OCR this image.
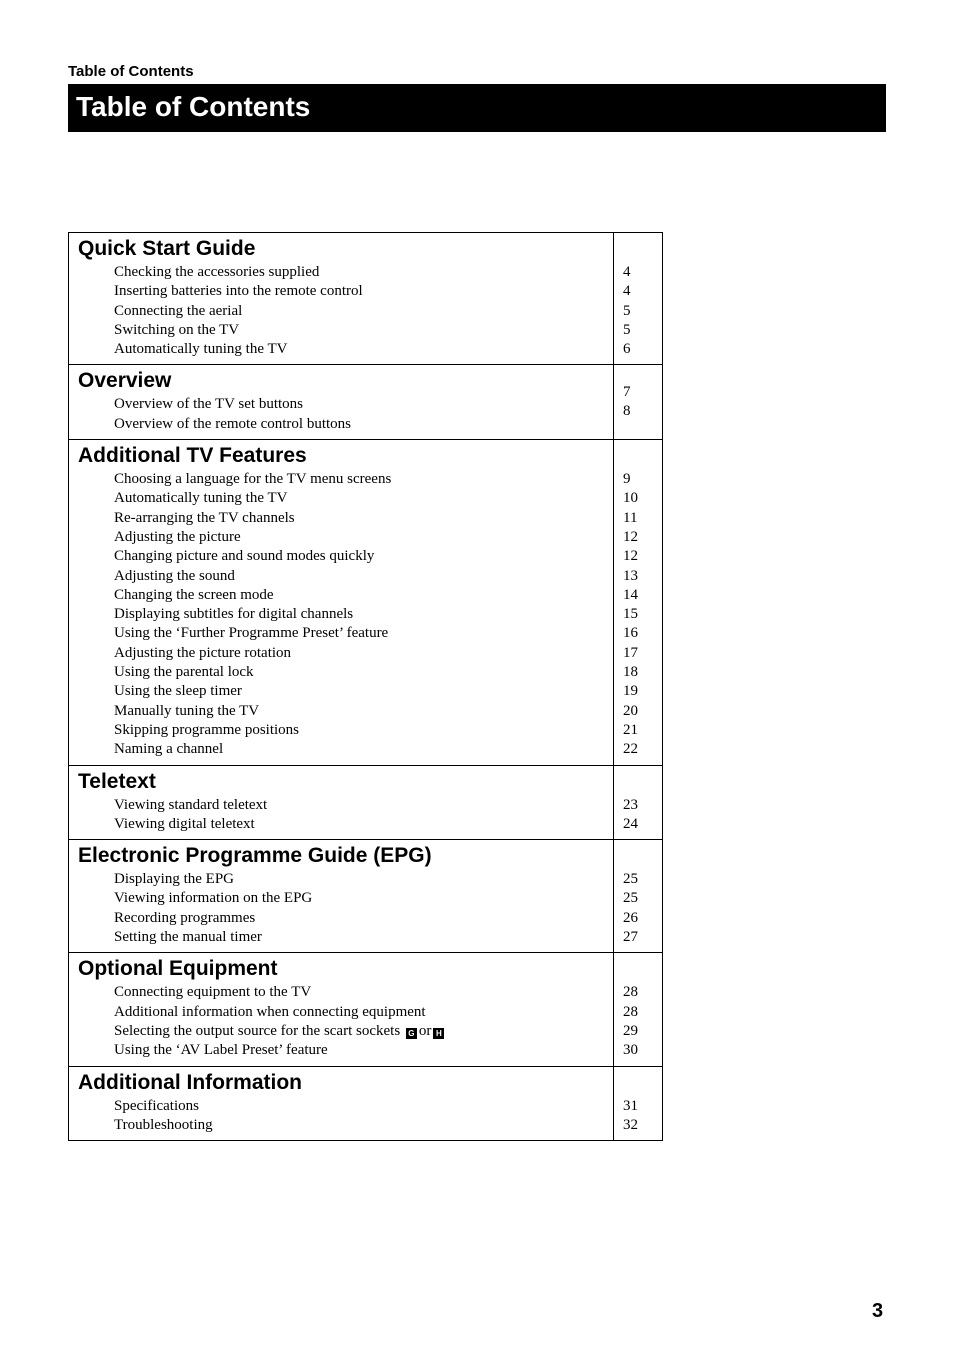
Table of Contents
Table of Contents
Quick Start Guide
Checking the accessories supplied
Inserting batteries into the remote control
Connecting the aerial
Switching on the TV
Automatically tuning the TV
4
4
5
5
6
Overview
Overview of the TV set buttons
Overview of the remote control buttons
7
8
Additional TV Features
Choosing a language for the TV menu screens
Automatically tuning the TV
Re-arranging the TV channels
Adjusting the picture
Changing picture and sound modes quickly
Adjusting the sound
Changing the screen mode
Displaying subtitles for digital channels
Using the ‘Further Programme Preset’ feature
Adjusting the picture rotation
Using the parental lock
Using the sleep timer
Manually tuning the TV
Skipping programme positions
Naming a channel
9
10
11
12
12
13
14
15
16
17
18
19
20
21
22
Teletext
Viewing standard teletext
Viewing digital teletext
23
24
Electronic Programme Guide (EPG)
Displaying the EPG
Viewing information on the EPG
Recording programmes
Setting the manual timer
25
25
26
27
Optional Equipment
Connecting equipment to the TV
Additional information when connecting equipment
Selecting the output source for the scart sockets G or H
Using the ‘AV Label Preset’ feature
28
28
29
30
Additional Information
Specifications
Troubleshooting
31
32
3
